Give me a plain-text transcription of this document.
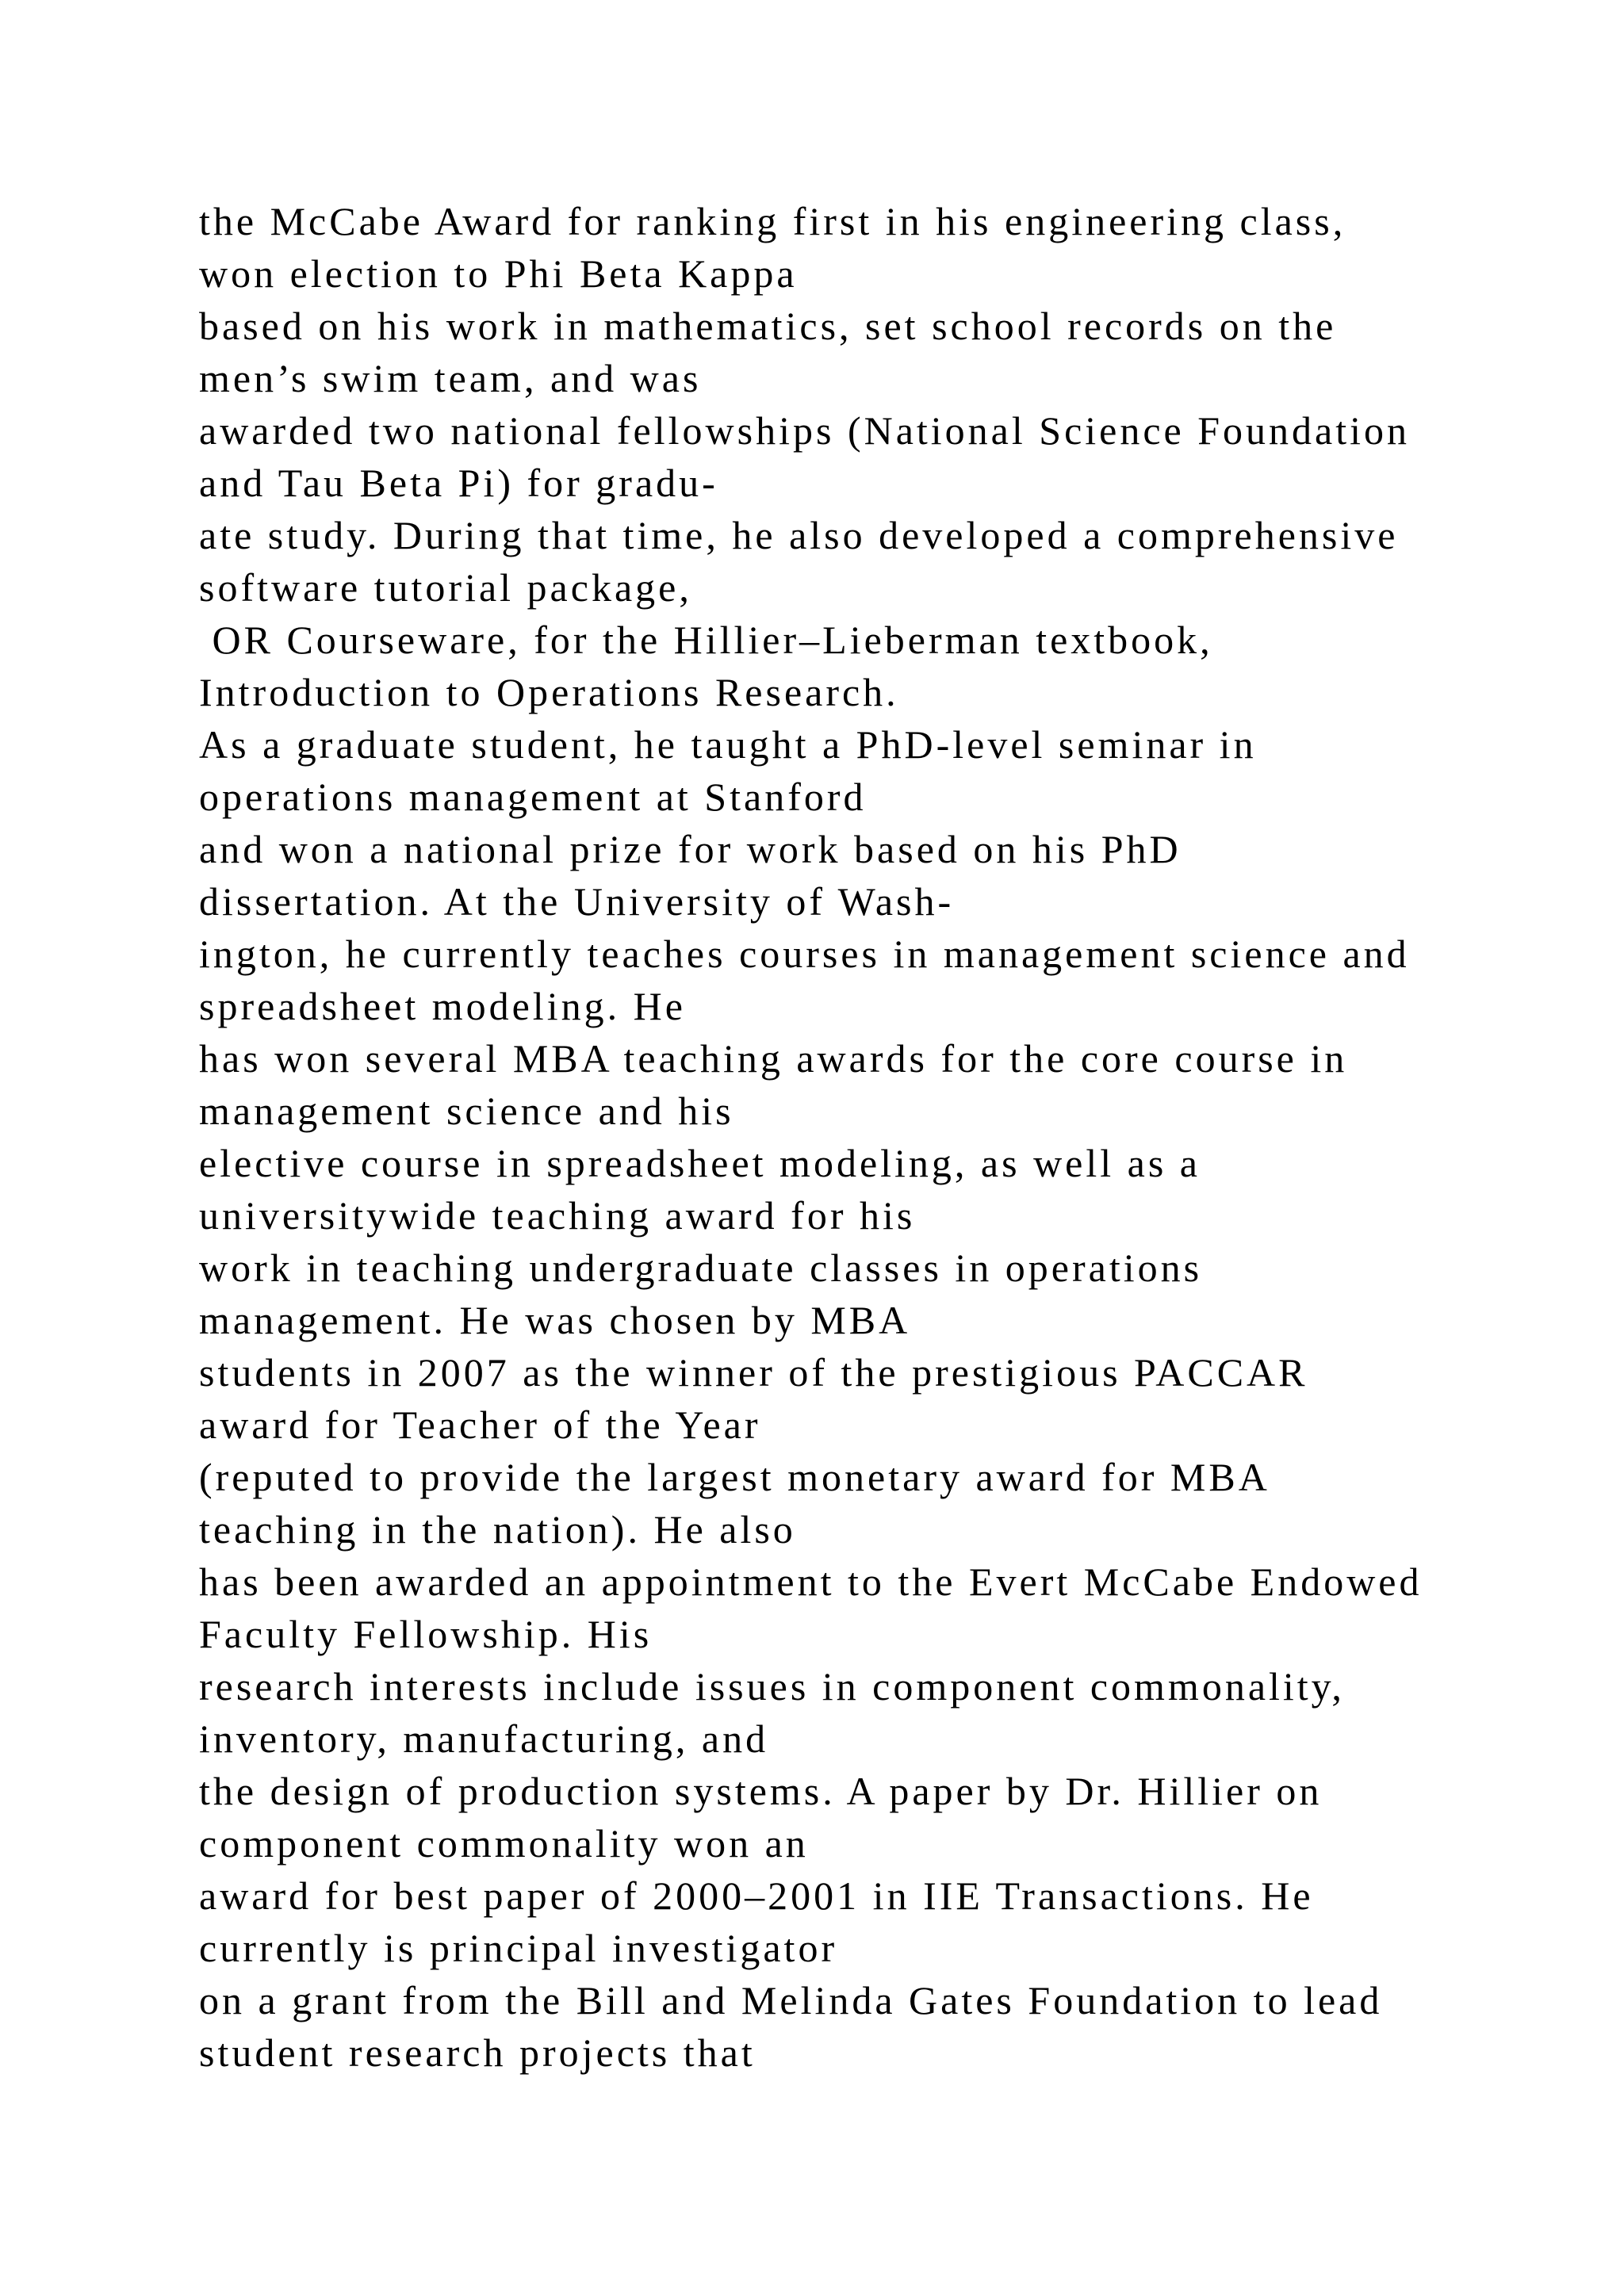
the McCabe Award for ranking first in his engineering class,
won election to Phi Beta Kappa
based on his work in mathematics, set school records on the
men’s swim team, and was
awarded two national fellowships (National Science Foundation
and Tau Beta Pi) for gradu-
ate study. During that time, he also developed a comprehensive
software tutorial package,
OR Courseware, for the Hillier–Lieberman textbook,
Introduction to Operations Research.
As a graduate student, he taught a PhD-level seminar in
operations management at Stanford
and won a national prize for work based on his PhD
dissertation. At the University of Wash-
ington, he currently teaches courses in management science and
spreadsheet modeling. He
has won several MBA teaching awards for the core course in
management science and his
elective course in spreadsheet modeling, as well as a
universitywide teaching award for his
work in teaching undergraduate classes in operations
management. He was chosen by MBA
students in 2007 as the winner of the prestigious PACCAR
award for Teacher of the Year
(reputed to provide the largest monetary award for MBA
teaching in the nation). He also
has been awarded an appointment to the Evert McCabe Endowed
Faculty Fellowship. His
research interests include issues in component commonality,
inventory, manufacturing, and
the design of production systems. A paper by Dr. Hillier on
component commonality won an
award for best paper of 2000–2001 in IIE Transactions. He
currently is principal investigator
on a grant from the Bill and Melinda Gates Foundation to lead
student research projects that
